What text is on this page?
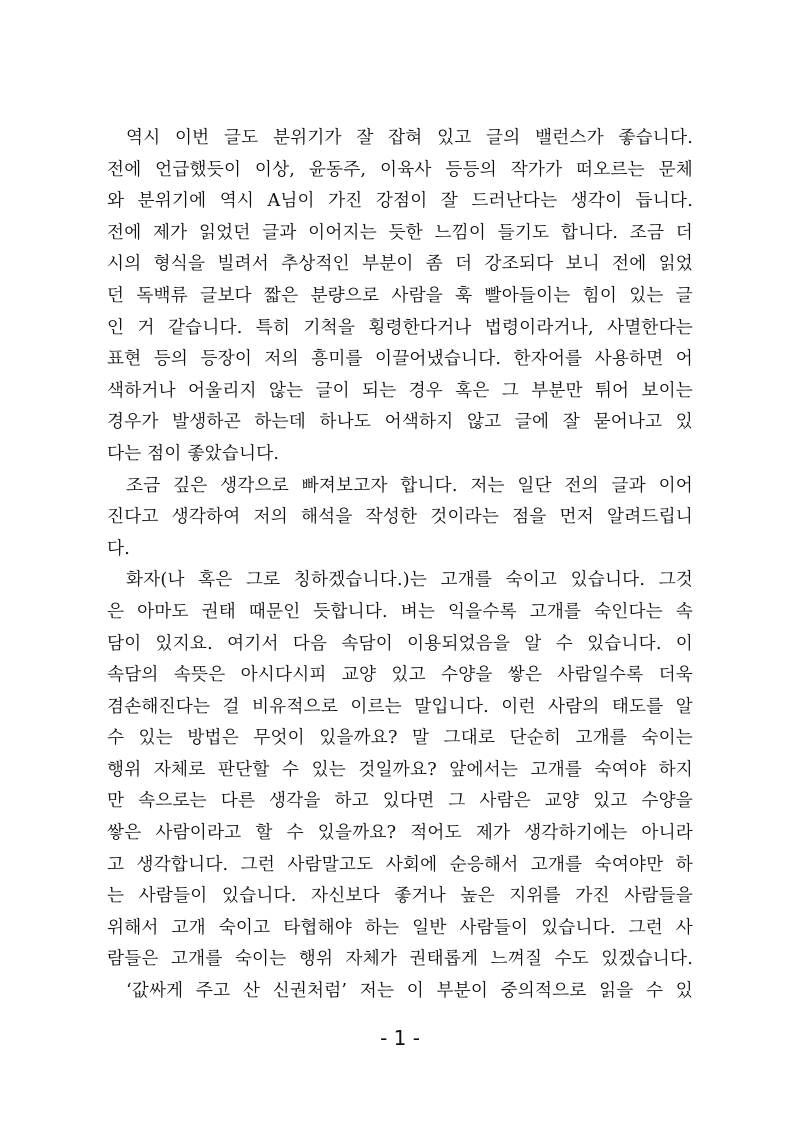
역시 이번 글도 분위기가 잘 잡혀 있고 글의 밸런스가 좋습니다.
전에 언급했듯이 이상, 윤동주, 이육사 등등의 작가가 떠오르는 문체
와 분위기에 역시 A님이 가진 강점이 잘 드러난다는 생각이 듭니다.
전에 제가 읽었던 글과 이어지는 듯한 느낌이 들기도 합니다. 조금 더
시의 형식을 빌려서 추상적인 부분이 좀 더 강조되다 보니 전에 읽었
던 독백류 글보다 짧은 분량으로 사람을 훅 빨아들이는 힘이 있는 글
인 거 같습니다. 특히 기척을 횡령한다거나 법령이라거나, 사멸한다는
표현 등의 등장이 저의 흥미를 이끌어냈습니다. 한자어를 사용하면 어
색하거나 어울리지 않는 글이 되는 경우 혹은 그 부분만 튀어 보이는
경우가 발생하곤 하는데 하나도 어색하지 않고 글에 잘 묻어나고 있
다는 점이 좋았습니다.
조금 깊은 생각으로 빠져보고자 합니다. 저는 일단 전의 글과 이어
진다고 생각하여 저의 해석을 작성한 것이라는 점을 먼저 알려드립니
다.
화자(나 혹은 그로 칭하겠습니다.)는 고개를 숙이고 있습니다. 그것
은 아마도 권태 때문인 듯합니다. 벼는 익을수록 고개를 숙인다는 속
담이 있지요. 여기서 다음 속담이 이용되었음을 알 수 있습니다. 이
속담의 속뜻은 아시다시피 교양 있고 수양을 쌓은 사람일수록 더욱
겸손해진다는 걸 비유적으로 이르는 말입니다. 이런 사람의 태도를 알
수 있는 방법은 무엇이 있을까요? 말 그대로 단순히 고개를 숙이는
행위 자체로 판단할 수 있는 것일까요? 앞에서는 고개를 숙여야 하지
만 속으로는 다른 생각을 하고 있다면 그 사람은 교양 있고 수양을
쌓은 사람이라고 할 수 있을까요? 적어도 제가 생각하기에는 아니라
고 생각합니다. 그런 사람말고도 사회에 순응해서 고개를 숙여야만 하
는 사람들이 있습니다. 자신보다 좋거나 높은 지위를 가진 사람들을
위해서 고개 숙이고 타협해야 하는 일반 사람들이 있습니다. 그런 사
람들은 고개를 숙이는 행위 자체가 권태롭게 느껴질 수도 있겠습니다.
‘값싸게 주고 산 신권처럼’ 저는 이 부분이 중의적으로 읽을 수 있
- 1 -
